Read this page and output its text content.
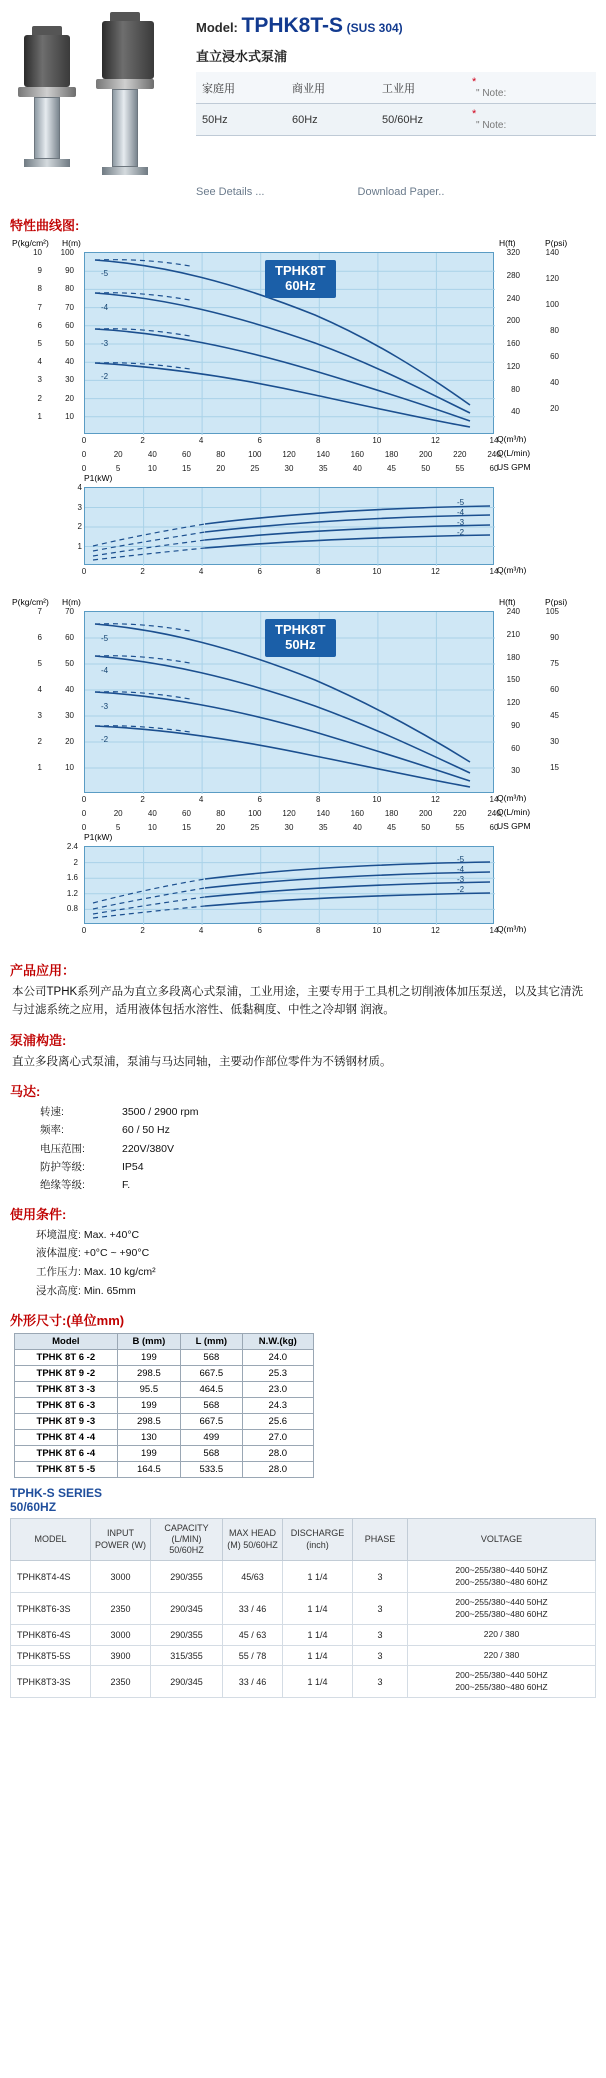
Model: TPHK8T-S (SUS 304)
直立浸水式泵浦
家庭用	商业用	工业用	*
" Note:

50Hz	60Hz	50/60Hz	*
" Note:
See Details ...	Download Paper..
特性曲线图:
P(kg/cm²) H(m)	H(ft)	P(psi)
-5
-4
-3
-2
TPHK8T
60Hz
1
2
3
4
5
6
7
8
9
10
10
20
30
40
50
60
70
80
90
100
40
80
120
160
200
240
280
320
20
40
60
80
100
120
140
0	2	4	6	8	10	12	14
0	20	40	60	80	100	120	140	160	180	200	220	240
0	5	10	15	20	25	30	35	40	45	50	55	60
Q(m³/h)
Q(L/min)
US GPM
P1(kW)
-5
-4
-3
-2
1
2
3
4
0	2	4	6	8	10	12	14
Q(m³/h)
P(kg/cm²) H(m)	H(ft)	P(psi)
-5
-4
-3
-2
TPHK8T
50Hz
1
2
3
4
5
6
7
10
20
30
40
50
60
70
30
60
90
120
150
180
210
240
15
30
45
60
75
90
105
0	2	4	6	8	10	12	14
0	20	40	60	80	100	120	140	160	180	200	220	240
0	5	10	15	20	25	30	35	40	45	50	55	60
Q(m³/h)
Q(L/min)
US GPM
P1(kW)
-5
-4
-3
-2
0.8
1.2
1.6
2
2.4
0	2	4	6	8	10	12	14
Q(m³/h)
产品应用：
本公司TPHK系列产品为直立多段离心式泵浦，工业用途，主要专用于工具机之切削液体加压泵送，以及其它清洗与过滤系统之应用，适用液体包括水溶性、低黏稠度、中性之冷却钢 润液。
泵浦构造:
直立多段离心式泵浦，泵浦与马达同轴，主要动作部位零件为不锈钢材质。
马达:
转速:	3500 / 2900 rpm
频率:	60 / 50 Hz
电压范围:	220V/380V
防护等级:	IP54
绝缘等级:	F.
使用条件:
环境温度: Max. +40°C
液体温度: +0°C ~ +90°C
工作压力: Max. 10 kg/cm²
浸水高度: Min. 65mm
外形尺寸:(单位mm)
Model	B (mm)	L (mm)	N.W.(kg)
TPHK 8T 6 -2	199	568	24.0
TPHK 8T 9 -2	298.5	667.5	25.3
TPHK 8T 3 -3	95.5	464.5	23.0
TPHK 8T 6 -3	199	568	24.3
TPHK 8T 9 -3	298.5	667.5	25.6
TPHK 8T 4 -4	130	499	27.0
TPHK 8T 6 -4	199	568	28.0
TPHK 8T 5 -5	164.5	533.5	28.0
TPHK-S SERIES
50/60HZ
MODEL	INPUT POWER (W)	CAPACITY (L/MIN) 50/60HZ	MAX HEAD (M) 50/60HZ	DISCHARGE (inch)	PHASE	VOLTAGE
TPHK8T4-4S	3000	290/355	45/63	1 1/4	3	200~255/380~440 50HZ
200~255/380~480 60HZ

TPHK8T6-3S	2350	290/345	33 / 46	1 1/4	3	200~255/380~440 50HZ
200~255/380~480 60HZ

TPHK8T6-4S	3000	290/355	45 / 63	1 1/4	3	220 / 380
TPHK8T5-5S	3900	315/355	55 / 78	1 1/4	3	220 / 380
TPHK8T3-3S	2350	290/345	33 / 46	1 1/4	3	200~255/380~440 50HZ
200~255/380~480 60HZ
